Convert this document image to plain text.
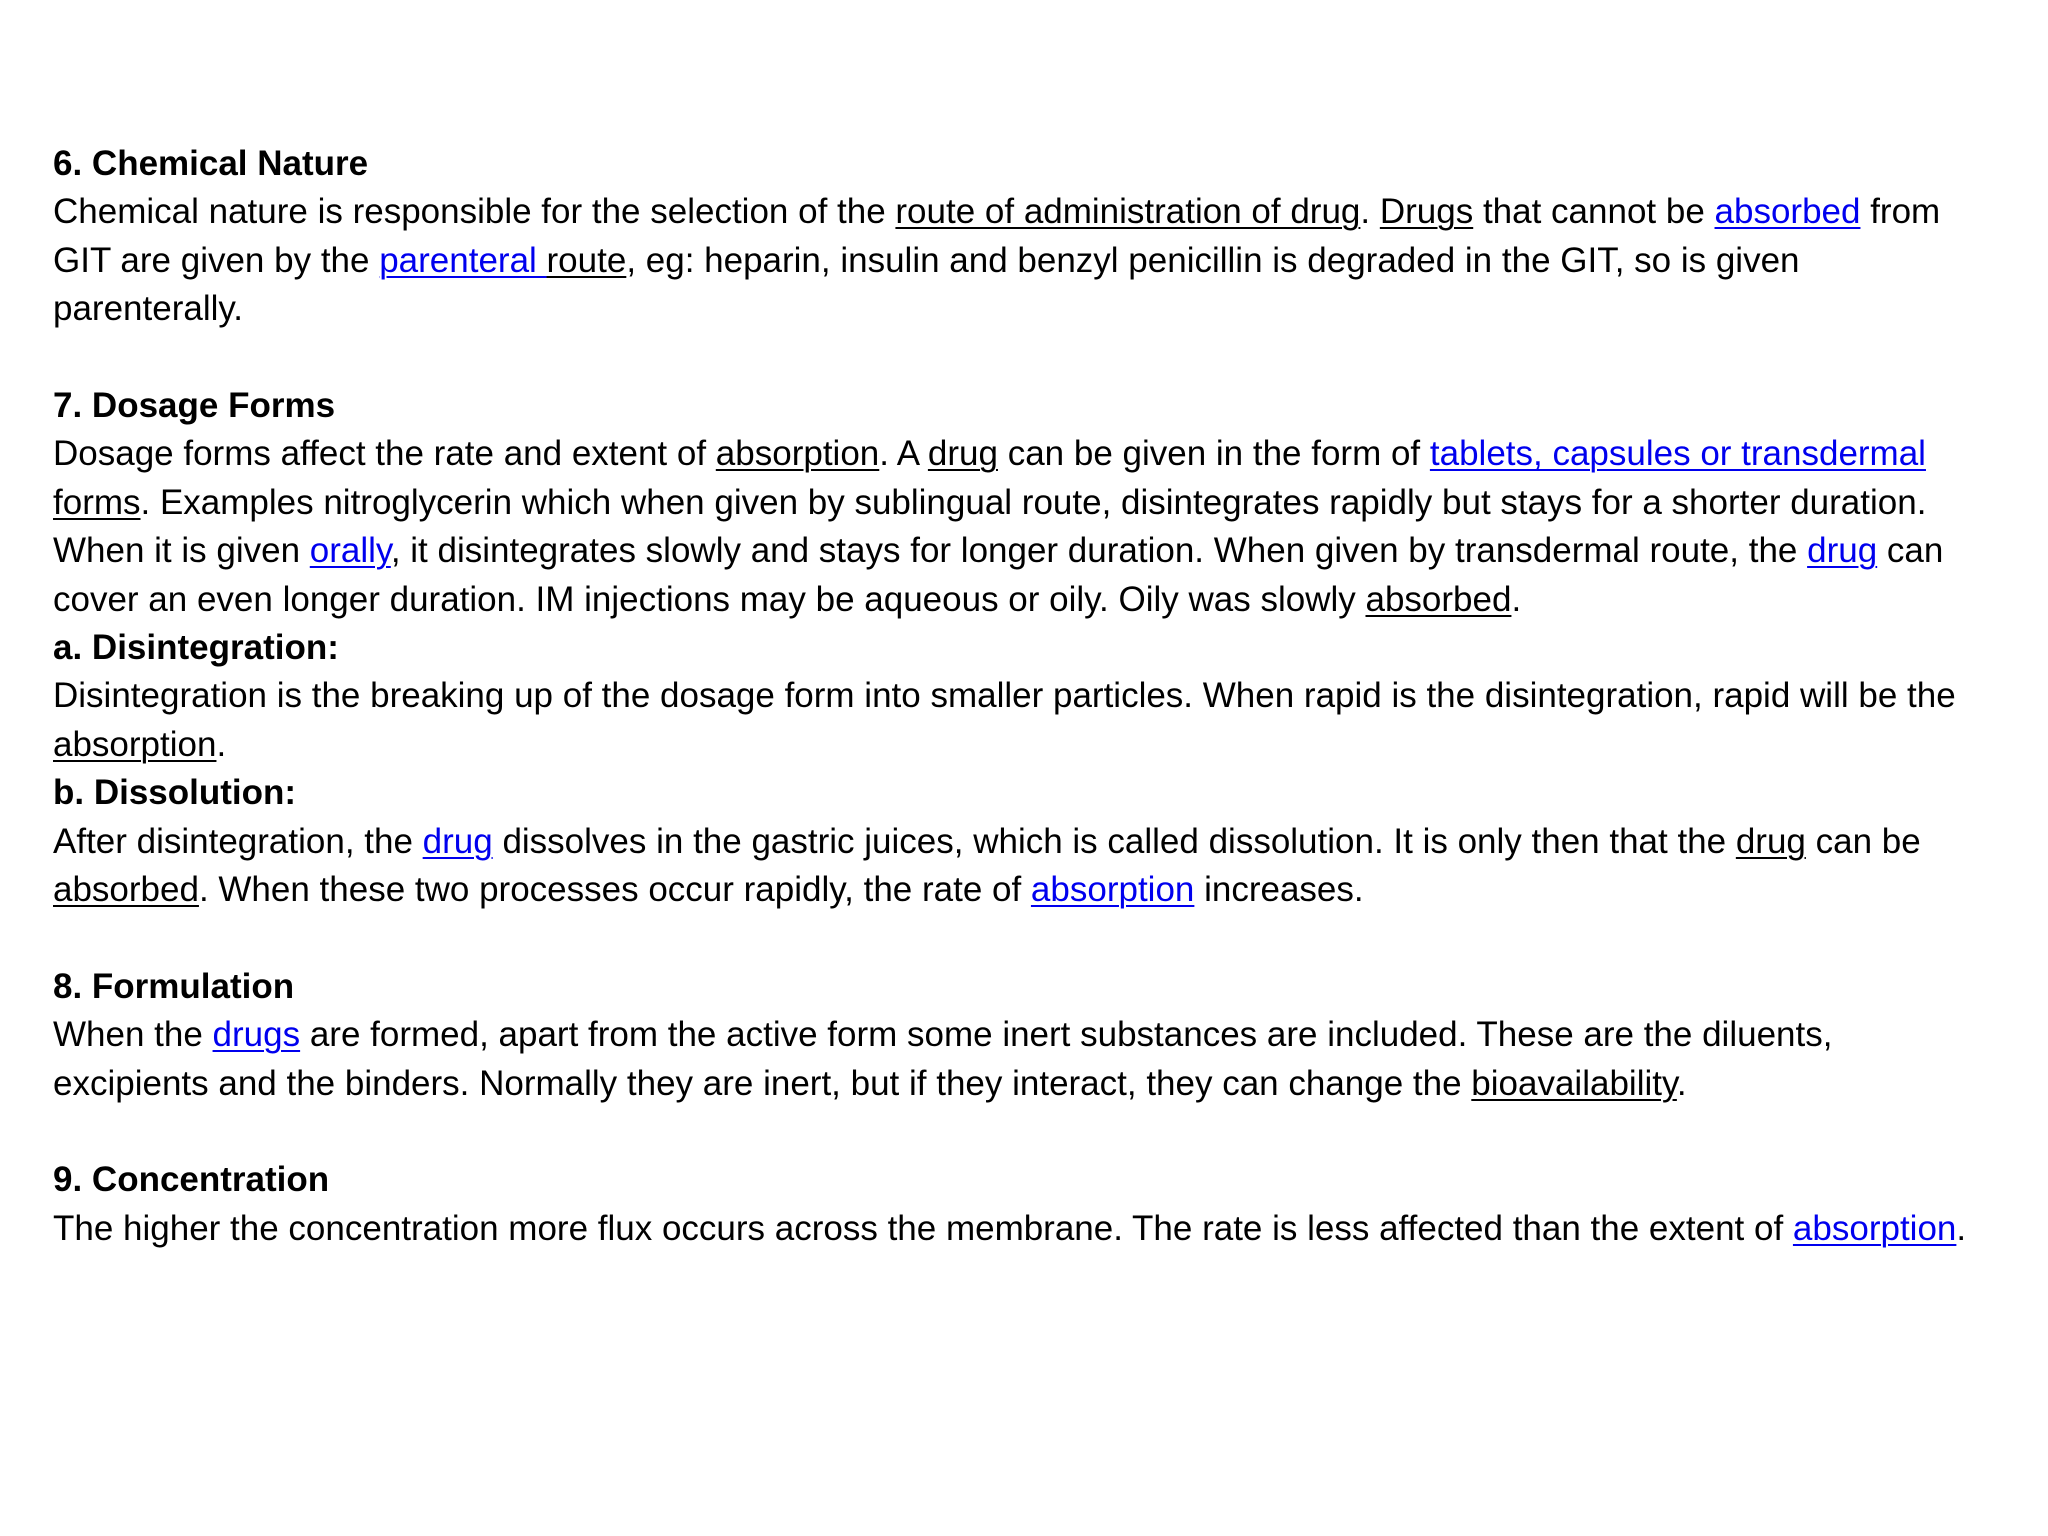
6. Chemical Nature

Chemical nature is responsible for the selection of the route of administration of drug. Drugs that cannot be absorbed from GIT are given by the parenteral route, eg: heparin, insulin and benzyl penicillin is degraded in the GIT, so is given parenterally.

7. Dosage Forms

Dosage forms affect the rate and extent of absorption. A drug can be given in the form of tablets, capsules or transdermal forms. Examples nitroglycerin which when given by sublingual route, disintegrates rapidly but stays for a shorter duration. When it is given orally, it disintegrates slowly and stays for longer duration. When given by transdermal route, the drug can cover an even longer duration. IM injections may be aqueous or oily. Oily was slowly absorbed.

a. Disintegration:

Disintegration is the breaking up of the dosage form into smaller particles. When rapid is the disintegration, rapid will be the absorption.

b. Dissolution:

After disintegration, the drug dissolves in the gastric juices, which is called dissolution. It is only then that the drug can be absorbed. When these two processes occur rapidly, the rate of absorption increases.

8. Formulation

When the drugs are formed, apart from the active form some inert substances are included. These are the diluents, excipients and the binders. Normally they are inert, but if they interact, they can change the bioavailability.

9. Concentration

The higher the concentration more flux occurs across the membrane. The rate is less affected than the extent of absorption.
